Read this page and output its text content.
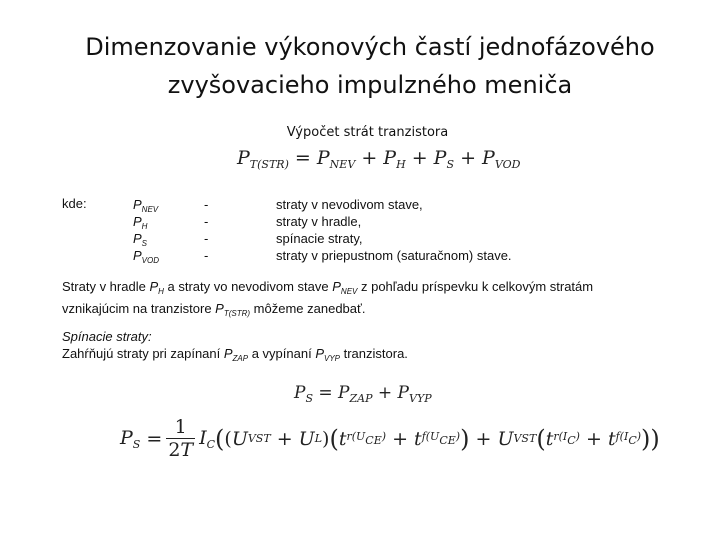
Dimenzovanie výkonových častí jednofázového
zvyšovacieho impulzného meniča
Výpočet strát tranzistora
$P_{T(STR)} = P_{NEV} + P_H + P_S + P_{VOD}$
kde:	$P_{NEV}$
$P_H$
$P_S$
$P_{VOD}$
-
-
-
-
straty v nevodivom stave,
straty v hradle,
spínacie straty,
straty v priepustnom (saturačnom) stave.
Straty v hradle $P_H$ a straty vo nevodivom stave $P_{NEV}$ z pohľadu príspevku k celkovým stratám vznikajúcim na tranzistore $P_{T(STR)}$ môžeme zanedbať.
Spínacie straty:
Zahŕňujú straty pri zapínaní $P_{ZAP}$ a vypínaní $P_{VYP}$ tranzistora.
$P_S = P_{ZAP} + P_{VYP}$
$P_S$
= $\frac{1}{2T} I_C$ ( ( U VST
+ U L ) ( t $r(U_{CE})$
+ t $f(U_{CE})$ )
+ U VST ( t $r(I_C)$
+ t $f(I_C)$ ) )
